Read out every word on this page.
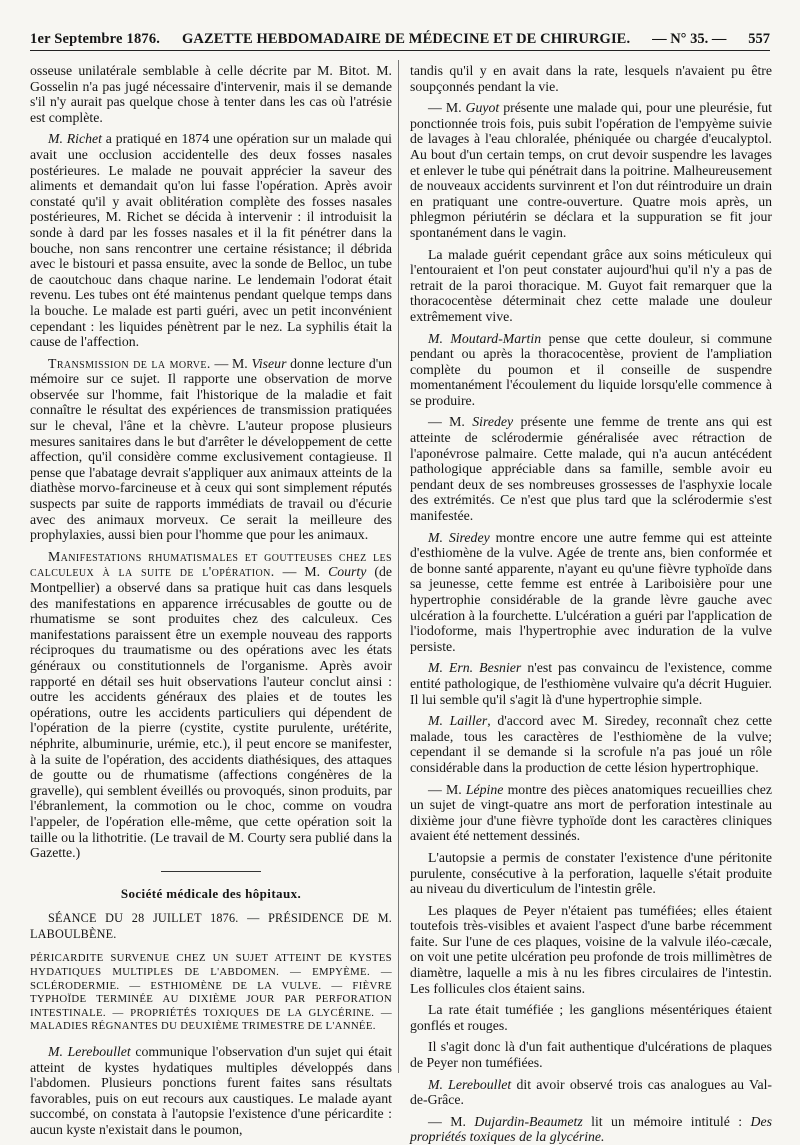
1er Septembre 1876. GAZETTE HEBDOMADAIRE DE MÉDECINE ET DE CHIRURGIE. — N° 35. — 557

osseuse unilatérale semblable à celle décrite par M. Bitot. M. Gosselin n'a pas jugé nécessaire d'intervenir, mais il se demande s'il n'y aurait pas quelque chose à tenter dans les cas où l'atrésie est complète.

M. Richet a pratiqué en 1874 une opération sur un malade qui avait une occlusion accidentelle des deux fosses nasales postérieures. Le malade ne pouvait apprécier la saveur des aliments et demandait qu'on lui fasse l'opération. Après avoir constaté qu'il y avait oblitération complète des fosses nasales postérieures, M. Richet se décida à intervenir : il introduisit la sonde à dard par les fosses nasales et il la fit pénétrer dans la bouche, non sans rencontrer une certaine résistance; il débrida avec le bistouri et passa ensuite, avec la sonde de Belloc, un tube de caoutchouc dans chaque narine. Le lendemain l'odorat était revenu. Les tubes ont été maintenus pendant quelque temps dans la bouche. Le malade est parti guéri, avec un petit inconvénient cependant : les liquides pénètrent par le nez. La syphilis était la cause de l'affection.

Transmission de la morve. — M. Viseur donne lecture d'un mémoire sur ce sujet. Il rapporte une observation de morve observée sur l'homme, fait l'historique de la maladie et fait connaître le résultat des expériences de transmission pratiquées sur le cheval, l'âne et la chèvre. L'auteur propose plusieurs mesures sanitaires dans le but d'arrêter le développement de cette affection, qu'il considère comme exclusivement contagieuse. Il pense que l'abatage devrait s'appliquer aux animaux atteints de la diathèse morvo-farcineuse et à ceux qui sont simplement réputés suspects par suite de rapports immédiats de travail ou d'écurie avec des animaux morveux. Ce serait la meilleure des prophylaxies, aussi bien pour l'homme que pour les animaux.

Manifestations rhumatismales et goutteuses chez les calculeux à la suite de l'opération. — M. Courty (de Montpellier) a observé dans sa pratique huit cas dans lesquels des manifestations en apparence irrécusables de goutte ou de rhumatisme se sont produites chez des calculeux. Ces manifestations paraissent être un exemple nouveau des rapports réciproques du traumatisme ou des opérations avec les états généraux ou constitutionnels de l'organisme. Après avoir rapporté en détail ses huit observations l'auteur conclut ainsi : outre les accidents généraux des plaies et de toutes les opérations, outre les accidents particuliers qui dépendent de l'opération de la pierre (cystite, cystite purulente, urétérite, néphrite, albuminurie, urémie, etc.), il peut encore se manifester, à la suite de l'opération, des accidents diathésiques, des attaques de goutte ou de rhumatisme (affections congénères de la gravelle), qui semblent éveillés ou provoqués, sinon produits, par l'ébranlement, la commotion ou le choc, comme on voudra l'appeler, de l'opération elle-même, que cette opération soit la taille ou la lithotritie. (Le travail de M. Courty sera publié dans la Gazette.)

Société médicale des hôpitaux.

SÉANCE DU 28 JUILLET 1876. — PRÉSIDENCE DE M. LABOULBÈNE.

PÉRICARDITE SURVENUE CHEZ UN SUJET ATTEINT DE KYSTES HYDATIQUES MULTIPLES DE L'ABDOMEN. — EMPYÈME. — SCLÉRODERMIE. — ESTHIOMÈNE DE LA VULVE. — FIÈVRE TYPHOÏDE TERMINÉE AU DIXIÈME JOUR PAR PERFORATION INTESTINALE. — PROPRIÉTÉS TOXIQUES DE LA GLYCÉRINE. — MALADIES RÉGNANTES DU DEUXIÈME TRIMESTRE DE L'ANNÉE.

M. Lereboullet communique l'observation d'un sujet qui était atteint de kystes hydatiques multiples développés dans l'abdomen. Plusieurs ponctions furent faites sans résultats favorables, puis on eut recours aux caustiques. Le malade ayant succombé, on constata à l'autopsie l'existence d'une péricardite : aucun kyste n'existait dans le poumon,

tandis qu'il y en avait dans la rate, lesquels n'avaient pu être soupçonnés pendant la vie.

— M. Guyot présente une malade qui, pour une pleurésie, fut ponctionnée trois fois, puis subit l'opération de l'empyème suivie de lavages à l'eau chloralée, phéniquée ou chargée d'eucalyptol. Au bout d'un certain temps, on crut devoir suspendre les lavages et enlever le tube qui pénétrait dans la poitrine. Malheureusement de nouveaux accidents survinrent et l'on dut réintroduire un drain en pratiquant une contre-ouverture. Quatre mois après, un phlegmon périutérin se déclara et la suppuration se fit jour spontanément dans le vagin.

La malade guérit cependant grâce aux soins méticuleux qui l'entouraient et l'on peut constater aujourd'hui qu'il n'y a pas de retrait de la paroi thoracique. M. Guyot fait remarquer que la thoracocentèse déterminait chez cette malade une douleur extrêmement vive.

M. Moutard-Martin pense que cette douleur, si commune pendant ou après la thoracocentèse, provient de l'ampliation complète du poumon et il conseille de suspendre momentanément l'écoulement du liquide lorsqu'elle commence à se produire.

— M. Siredey présente une femme de trente ans qui est atteinte de sclérodermie généralisée avec rétraction de l'aponévrose palmaire. Cette malade, qui n'a aucun antécédent pathologique appréciable dans sa famille, semble avoir eu pendant deux de ses nombreuses grossesses de l'asphyxie locale des extrémités. Ce n'est que plus tard que la sclérodermie s'est manifestée.

M. Siredey montre encore une autre femme qui est atteinte d'esthiomène de la vulve. Agée de trente ans, bien conformée et de bonne santé apparente, n'ayant eu qu'une fièvre typhoïde dans sa jeunesse, cette femme est entrée à Lariboisière pour une hypertrophie considérable de la grande lèvre gauche avec ulcération à la fourchette. L'ulcération a guéri par l'application de l'iodoforme, mais l'hypertrophie avec induration de la vulve persiste.

M. Ern. Besnier n'est pas convaincu de l'existence, comme entité pathologique, de l'esthiomène vulvaire qu'a décrit Huguier. Il lui semble qu'il s'agit là d'une hypertrophie simple.

M. Lailler, d'accord avec M. Siredey, reconnaît chez cette malade, tous les caractères de l'esthiomène de la vulve; cependant il se demande si la scrofule n'a pas joué un rôle considérable dans la production de cette lésion hypertrophique.

— M. Lépine montre des pièces anatomiques recueillies chez un sujet de vingt-quatre ans mort de perforation intestinale au dixième jour d'une fièvre typhoïde dont les caractères cliniques avaient été nettement dessinés.

L'autopsie a permis de constater l'existence d'une péritonite purulente, consécutive à la perforation, laquelle s'était produite au niveau du diverticulum de l'intestin grêle.

Les plaques de Peyer n'étaient pas tuméfiées; elles étaient toutefois très-visibles et avaient l'aspect d'une barbe récemment faite. Sur l'une de ces plaques, voisine de la valvule iléo-cæcale, on voit une petite ulcération peu profonde de trois millimètres de diamètre, laquelle a mis à nu les fibres circulaires de l'intestin. Les follicules clos étaient sains.

La rate était tuméfiée ; les ganglions mésentériques étaient gonflés et rouges.

Il s'agit donc là d'un fait authentique d'ulcérations de plaques de Peyer non tuméfiées.

M. Lereboullet dit avoir observé trois cas analogues au Val-de-Grâce.

— M. Dujardin-Beaumetz lit un mémoire intitulé : Des propriétés toxiques de la glycérine.
